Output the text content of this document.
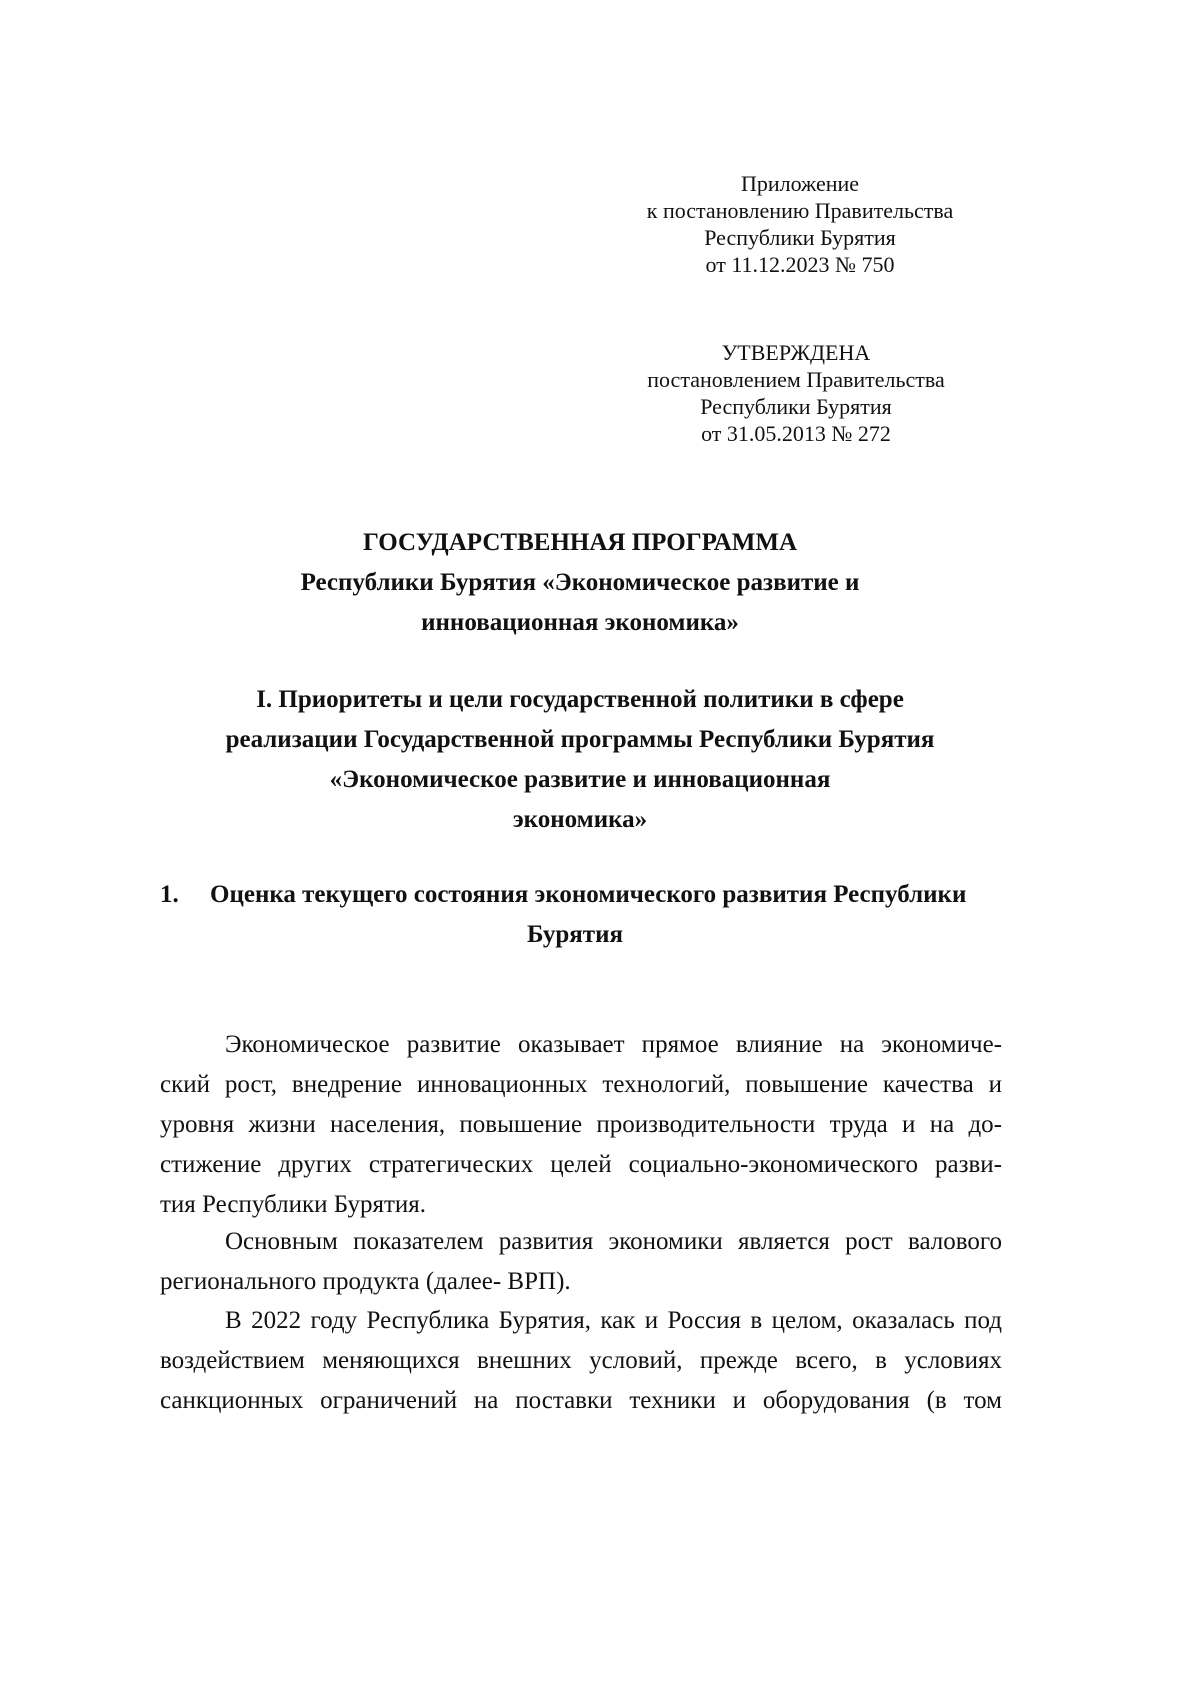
Приложение
к постановлению Правительства
Республики Бурятия
от 11.12.2023 № 750
УТВЕРЖДЕНА
постановлением Правительства
Республики Бурятия
от 31.05.2013 № 272
ГОСУДАРСТВЕННАЯ ПРОГРАММА
Республики Бурятия «Экономическое развитие и
инновационная экономика»
I. Приоритеты и цели государственной политики в сфере
реализации Государственной программы Республики Бурятия
«Экономическое развитие и инновационная
экономика»
1. Оценка текущего состояния экономического развития Республики
Бурятия
Экономическое развитие оказывает прямое влияние на экономиче-
ский рост, внедрение инновационных технологий, повышение качества и
уровня жизни населения, повышение производительности труда и на до-
стижение других стратегических целей социально-экономического разви-
тия Республики Бурятия.
Основным показателем развития экономики является рост валового
регионального продукта (далее- ВРП).
В 2022 году Республика Бурятия, как и Россия в целом, оказалась под
воздействием меняющихся внешних условий, прежде всего, в условиях
санкционных ограничений на поставки техники и оборудования (в том
